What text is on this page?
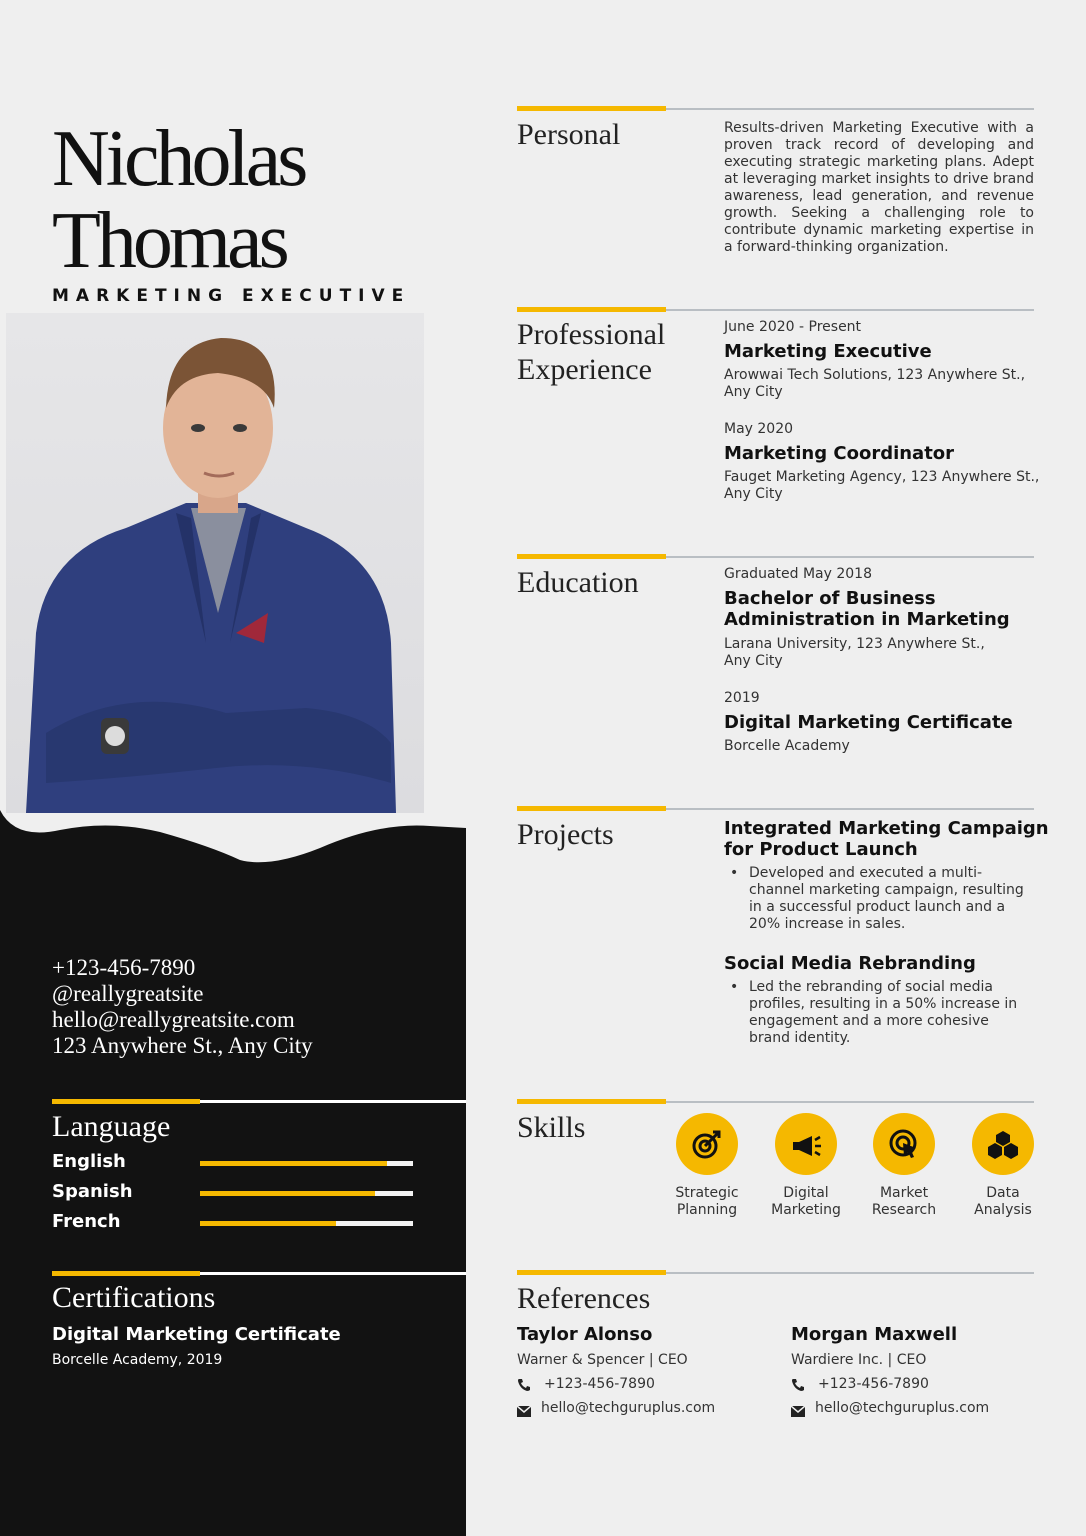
Nicholas
Thomas
MARKETING EXECUTIVE
+123-456-7890
@reallygreatsite
hello@reallygreatsite.com
123 Anywhere St., Any City
Language
English
Spanish
French
Certifications
Digital Marketing Certificate
Borcelle Academy, 2019
Personal	Results-driven Marketing Executive with a proven track record of developing and executing strategic marketing plans. Adept at leveraging market insights to drive brand awareness, lead generation, and revenue growth. Seeking a challenging role to contribute dynamic marketing expertise in a forward-thinking organization.
Professional
Experience
June 2020 - Present
Marketing Executive
Arowwai Tech Solutions, 123 Anywhere St.,
Any City
May 2020
Marketing Coordinator
Fauget Marketing Agency, 123 Anywhere St.,
Any City
Education	Graduated May 2018
Bachelor of Business
Administration in Marketing
Larana University, 123 Anywhere St.,
Any City
2019
Digital Marketing Certificate
Borcelle Academy
Projects	Integrated Marketing Campaign
for Product Launch
• Developed and executed a multi-channel marketing campaign, resulting in a successful product launch and a 20% increase in sales.
Social Media Rebranding
• Led the rebranding of social media profiles, resulting in a 50% increase in engagement and a more cohesive brand identity.
Skills
Strategic
Planning
Digital
Marketing
Market
Research
Data
Analysis
References
Taylor Alonso
Warner & Spencer | CEO
+123-456-7890
hello@techguruplus.com
Morgan Maxwell
Wardiere Inc. | CEO
+123-456-7890
hello@techguruplus.com
